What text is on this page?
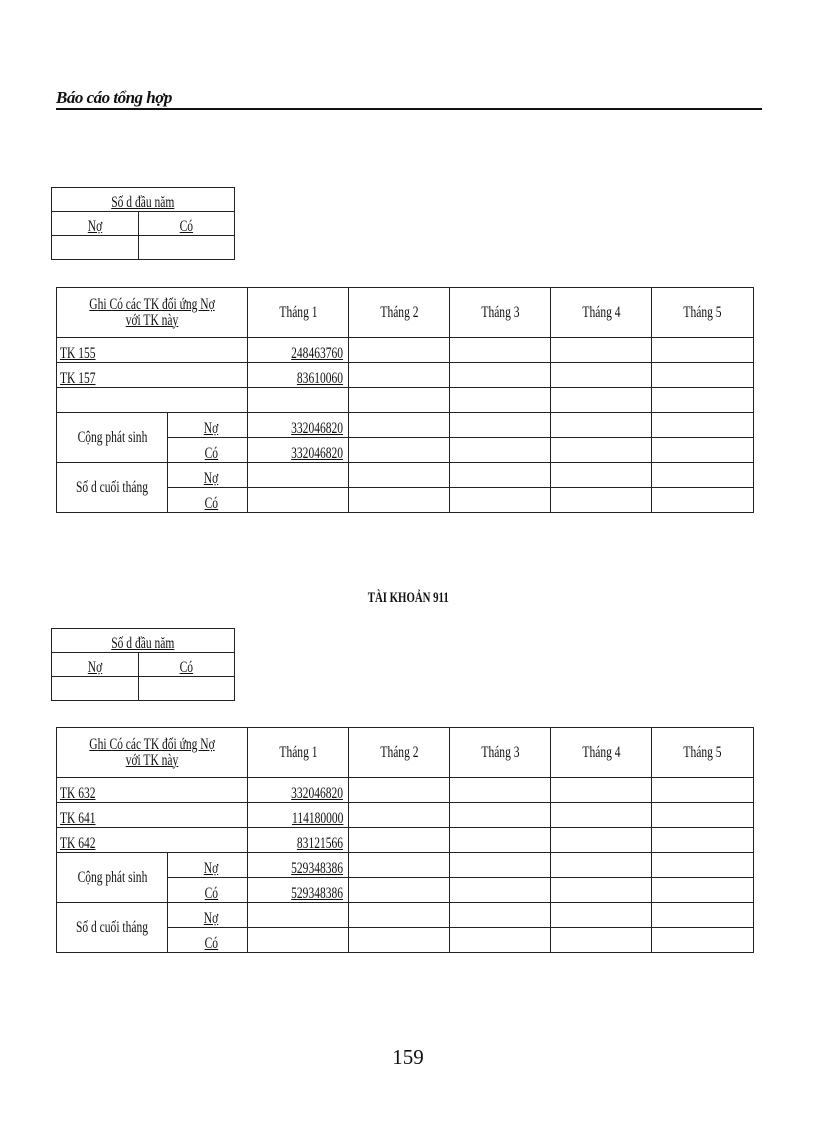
Báo cáo tổng hợp
Số d đầu năm	
Nợ	Có

Ghi Có các TK đối ứng Nợ với TK này		Tháng 1	Tháng 2	Tháng 3	Tháng 4	Tháng 5
TK 155		248463760				
TK 157		83610060				

Cộng phát sinh	Nợ	332046820				
	Có	332046820				
Số d cuối tháng	Nợ					
	Có					
TÀI KHOẢN 911
Số d đầu năm	
Nợ	Có

Ghi Có các TK đối ứng Nợ với TK này		Tháng 1	Tháng 2	Tháng 3	Tháng 4	Tháng 5
TK 632		332046820				
TK 641		114180000				
TK 642		83121566				
Cộng phát sinh	Nợ	529348386				
	Có	529348386				
Số d cuối tháng	Nợ					
	Có					
159
